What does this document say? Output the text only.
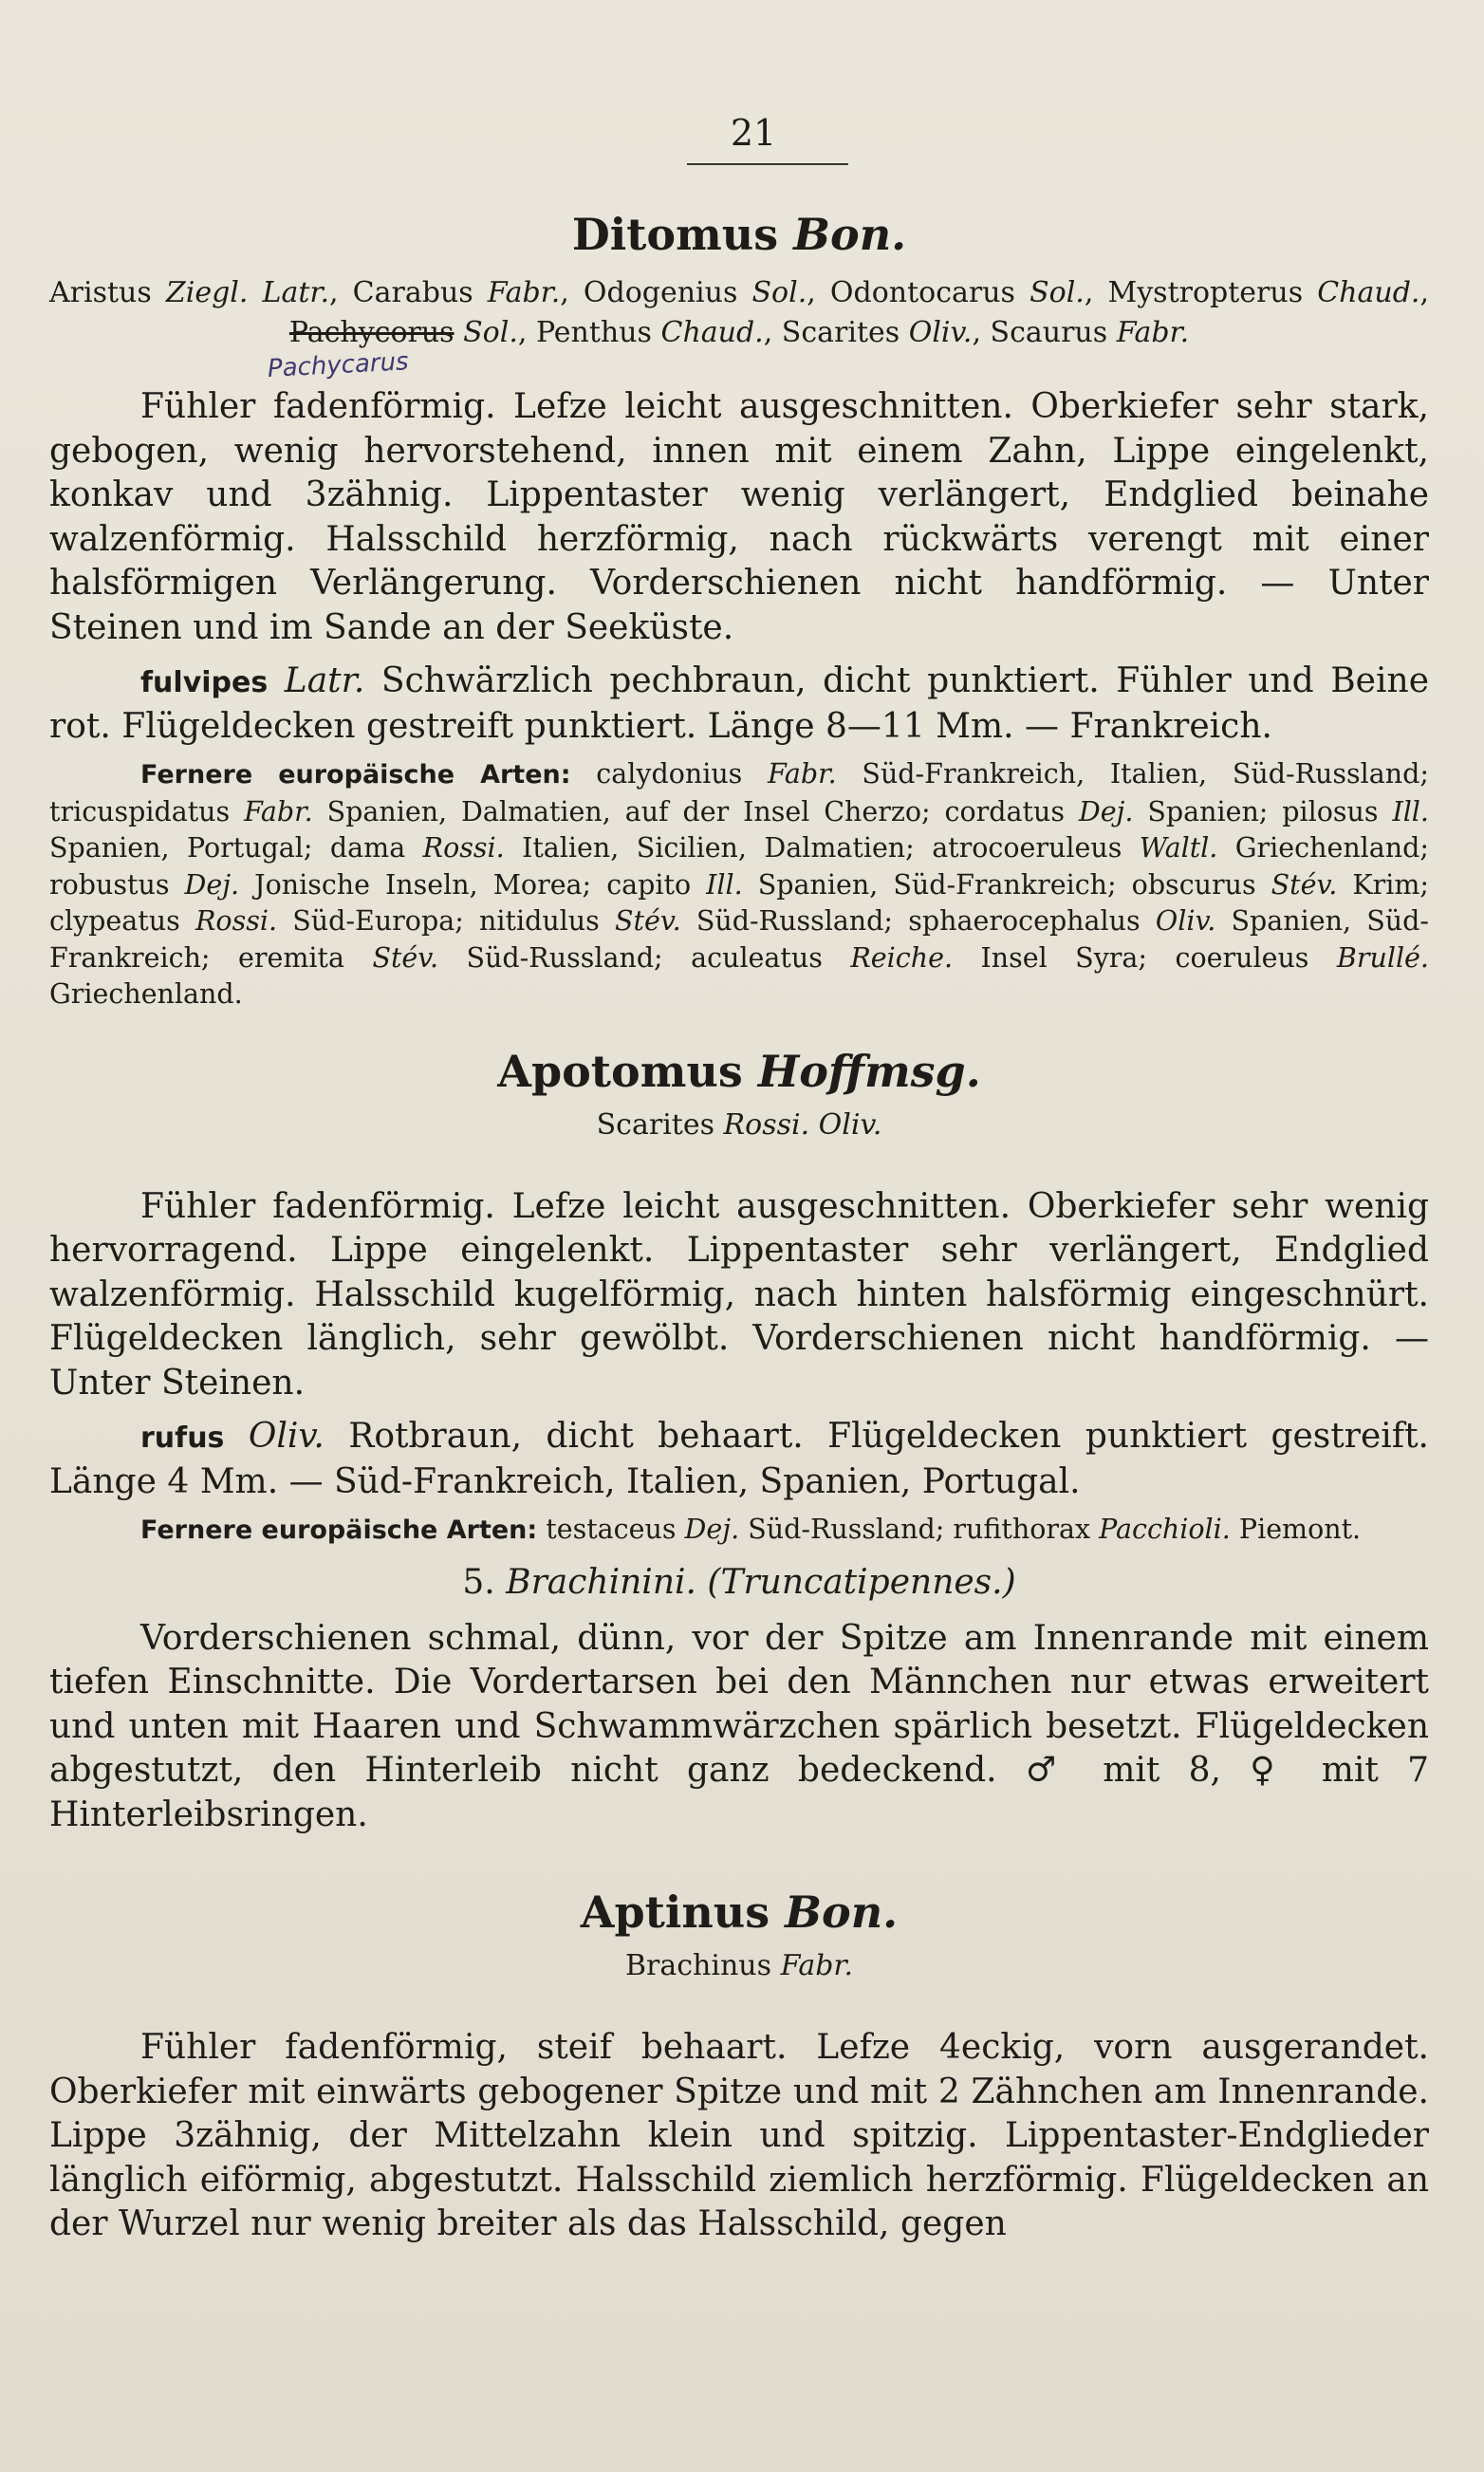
21
Ditomus Bon.

Aristus Ziegl. Latr., Carabus Fabr., Odogenius Sol., Odontocarus Sol., Mystropterus Chaud., Pachycorus Sol., Penthus Chaud., Scarites Oliv., Scaurus Fabr.

Pachycarus

Fühler fadenförmig. Lefze leicht ausgeschnitten. Oberkiefer sehr stark, gebogen, wenig hervorstehend, innen mit einem Zahn, Lippe eingelenkt, konkav und 3zähnig. Lippentaster wenig verlängert, Endglied beinahe walzenförmig. Halsschild herzförmig, nach rückwärts verengt mit einer halsförmigen Verlängerung. Vorderschienen nicht handförmig. — Unter Steinen und im Sande an der Seeküste.

fulvipes Latr. Schwärzlich pechbraun, dicht punktiert. Fühler und Beine rot. Flügeldecken gestreift punktiert. Länge 8—11 Mm. — Frankreich.

Fernere europäische Arten: calydonius Fabr. Süd-Frankreich, Italien, Süd-Russland; tricuspidatus Fabr. Spanien, Dalmatien, auf der Insel Cherzo; cordatus Dej. Spanien; pilosus Ill. Spanien, Portugal; dama Rossi. Italien, Sicilien, Dalmatien; atrocoeruleus Waltl. Griechenland; robustus Dej. Jonische Inseln, Morea; capito Ill. Spanien, Süd-Frankreich; obscurus Stév. Krim; clypeatus Rossi. Süd-Europa; nitidulus Stév. Süd-Russland; sphaerocephalus Oliv. Spanien, Süd-Frankreich; eremita Stév. Süd-Russland; aculeatus Reiche. Insel Syra; coeruleus Brullé. Griechenland.

Apotomus Hoffmsg.

Scarites Rossi. Oliv.

Fühler fadenförmig. Lefze leicht ausgeschnitten. Oberkiefer sehr wenig hervorragend. Lippe eingelenkt. Lippentaster sehr verlängert, Endglied walzenförmig. Halsschild kugelförmig, nach hinten halsförmig eingeschnürt. Flügeldecken länglich, sehr gewölbt. Vorderschienen nicht handförmig. — Unter Steinen.

rufus Oliv. Rotbraun, dicht behaart. Flügeldecken punktiert gestreift. Länge 4 Mm. — Süd-Frankreich, Italien, Spanien, Portugal.

Fernere europäische Arten: testaceus Dej. Süd-Russland; rufithorax Pacchioli. Piemont.

5. Brachinini. (Truncatipennes.)

Vorderschienen schmal, dünn, vor der Spitze am Innenrande mit einem tiefen Einschnitte. Die Vordertarsen bei den Männchen nur etwas erweitert und unten mit Haaren und Schwammwärzchen spärlich besetzt. Flügeldecken abgestutzt, den Hinterleib nicht ganz bedeckend. ♂ mit 8, ♀ mit 7 Hinterleibsringen.

Aptinus Bon.

Brachinus Fabr.

Fühler fadenförmig, steif behaart. Lefze 4eckig, vorn ausgerandet. Oberkiefer mit einwärts gebogener Spitze und mit 2 Zähnchen am Innenrande. Lippe 3zähnig, der Mittelzahn klein und spitzig. Lippentaster-Endglieder länglich eiförmig, abgestutzt. Halsschild ziemlich herzförmig. Flügeldecken an der Wurzel nur wenig breiter als das Halsschild, gegen
